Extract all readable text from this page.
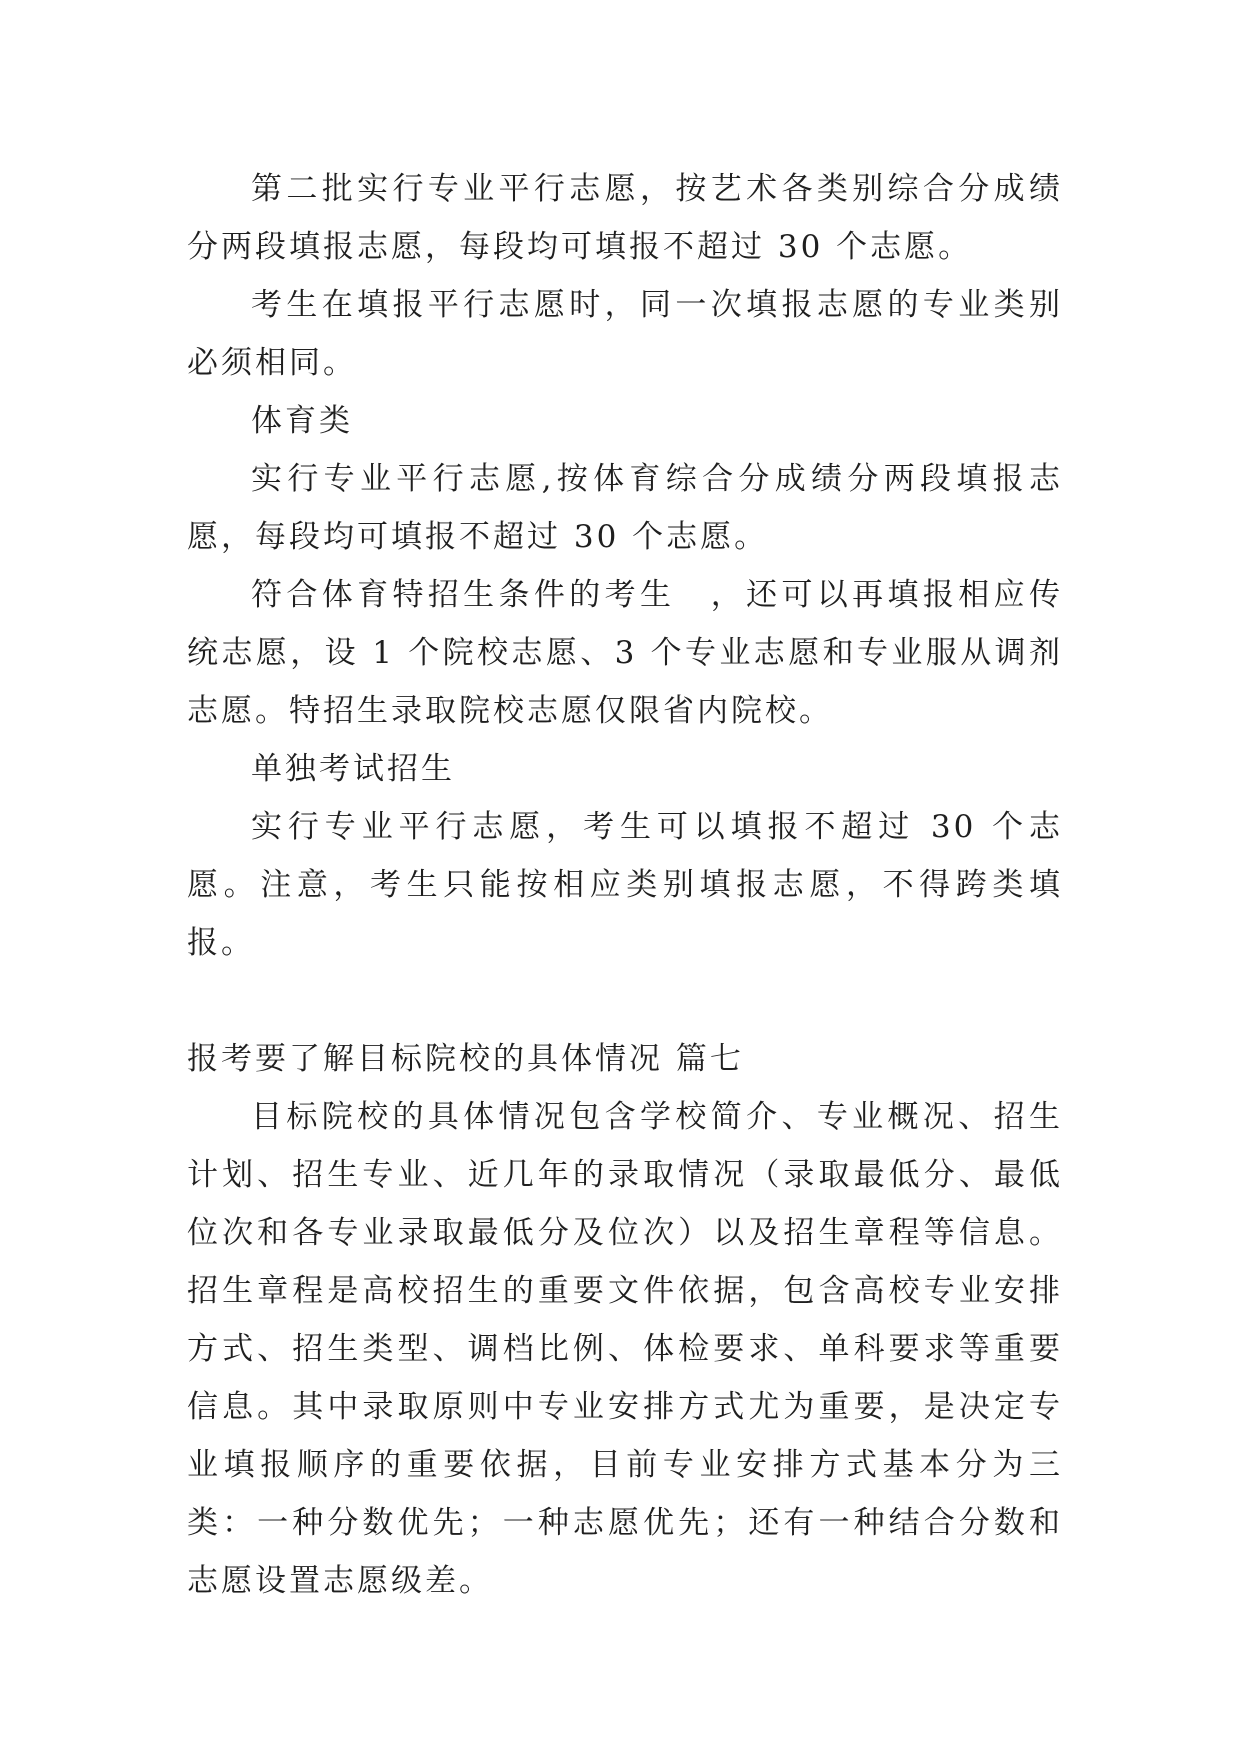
第二批实行专业平行志愿，按艺术各类别综合分成绩分两段填报志愿，每段均可填报不超过 30 个志愿。

考生在填报平行志愿时，同一次填报志愿的专业类别必须相同。

体育类

实行专业平行志愿,按体育综合分成绩分两段填报志愿，每段均可填报不超过 30 个志愿。

符合体育特招生条件的考生　，还可以再填报相应传统志愿，设 1 个院校志愿、3 个专业志愿和专业服从调剂志愿。特招生录取院校志愿仅限省内院校。

单独考试招生

实行专业平行志愿，考生可以填报不超过 30 个志愿。注意，考生只能按相应类别填报志愿，不得跨类填报。

报考要了解目标院校的具体情况 篇七

目标院校的具体情况包含学校简介、专业概况、招生计划、招生专业、近几年的录取情况（录取最低分、最低位次和各专业录取最低分及位次）以及招生章程等信息。招生章程是高校招生的重要文件依据，包含高校专业安排方式、招生类型、调档比例、体检要求、单科要求等重要信息。其中录取原则中专业安排方式尤为重要，是决定专业填报顺序的重要依据，目前专业安排方式基本分为三类：一种分数优先；一种志愿优先；还有一种结合分数和志愿设置志愿级差。
